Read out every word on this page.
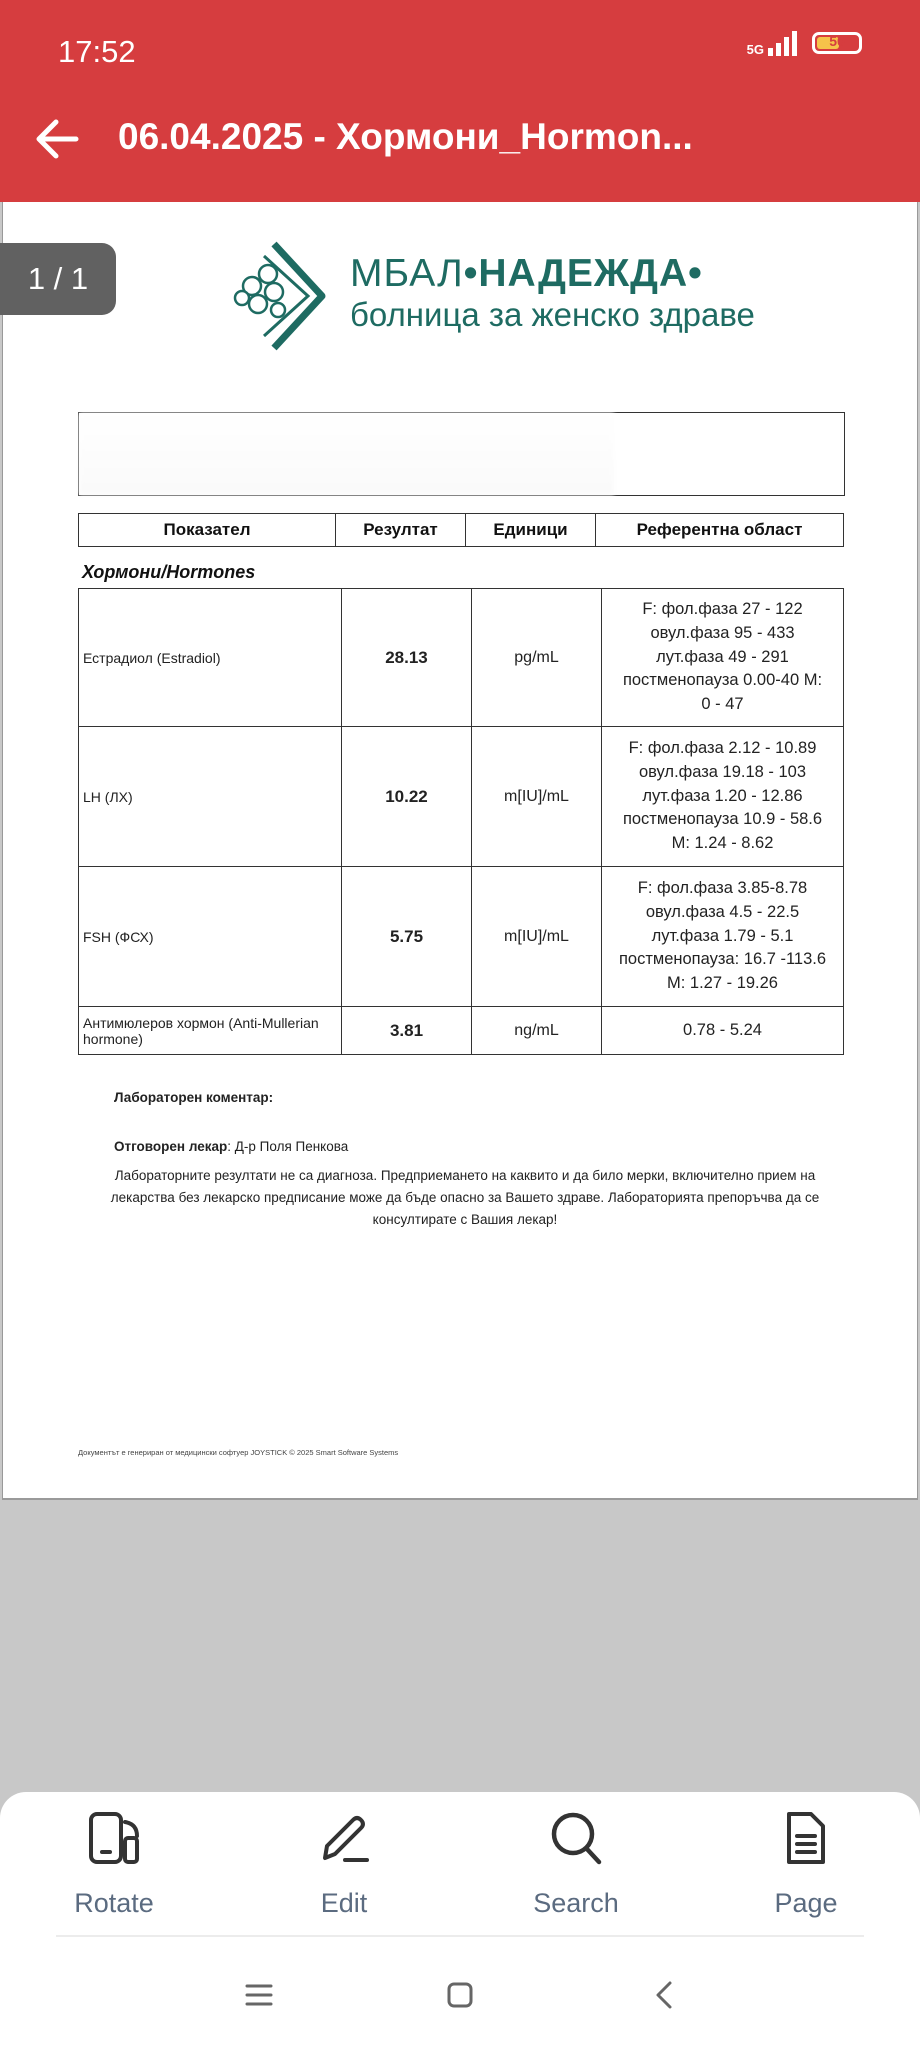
17:52	5G
50
06.04.2025 - Хормони_Hormon...
1 / 1	МБАЛ•НАДЕЖДА•
болница за женско здраве
Показател	Резултат	Единици	Референтна област
Хормони/Hormones
Естрадиол (Estradiol)	28.13	pg/mL	F: фол.фаза 27 - 122
овул.фаза 95 - 433
лут.фаза 49 - 291
постменопауза 0.00-40 M:
0 - 47

LH (ЛХ)	10.22	m[IU]/mL	F: фол.фаза 2.12 - 10.89
овул.фаза 19.18 - 103
лут.фаза 1.20 - 12.86
постменопауза 10.9 - 58.6
M: 1.24 - 8.62

FSH (ФСХ)	5.75	m[IU]/mL	F: фол.фаза 3.85-8.78
овул.фаза 4.5 - 22.5
лут.фаза 1.79 - 5.1
постменопауза: 16.7 -113.6
M: 1.27 - 19.26

Антимюлеров хормон (Anti-Mullerian hormone)	3.81	ng/mL	0.78 - 5.24
Лабораторен коментар:
Отговорен лекар: Д-р Поля Пенкова
Лабораторните резултати не са диагноза. Предприемането на каквито и да било мерки, включително прием на лекарства без лекарско предписание може да бъде опасно за Вашето здраве. Лабораторията препоръчва да се консултирате с Вашия лекар!
Документът е генериран от медицински софтуер JOYSTICK © 2025 Smart Software Systems
Rotate	Edit	Search	Page
